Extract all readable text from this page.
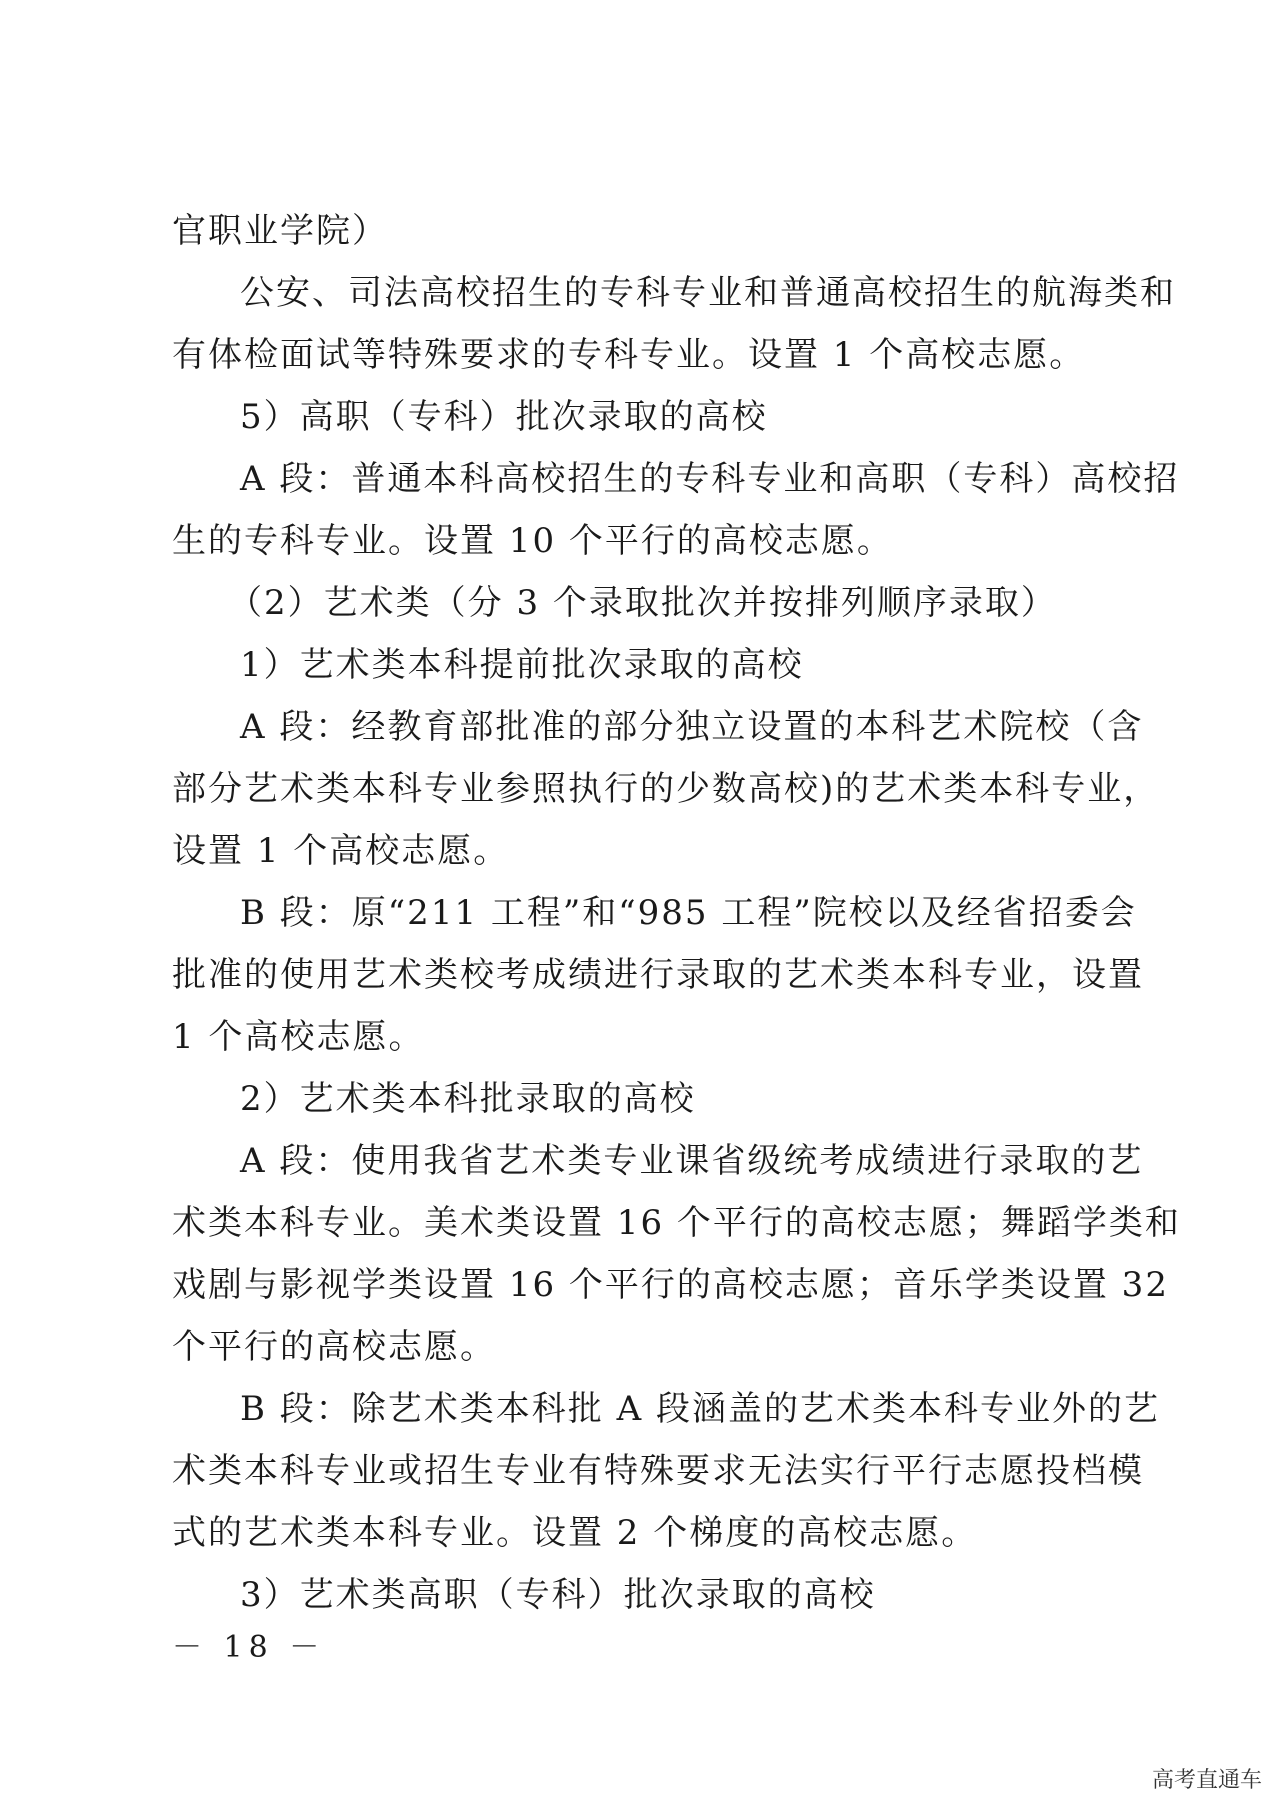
官职业学院）
公安、司法高校招生的专科专业和普通高校招生的航海类和
有体检面试等特殊要求的专科专业。设置 1 个高校志愿。
5）高职（专科）批次录取的高校
A 段：普通本科高校招生的专科专业和高职（专科）高校招
生的专科专业。设置 10 个平行的高校志愿。
（2）艺术类（分 3 个录取批次并按排列顺序录取）
1）艺术类本科提前批次录取的高校
A 段：经教育部批准的部分独立设置的本科艺术院校（含
部分艺术类本科专业参照执行的少数高校)的艺术类本科专业，
设置 1 个高校志愿。
B 段：原“211 工程”和“985 工程”院校以及经省招委会
批准的使用艺术类校考成绩进行录取的艺术类本科专业，设置
1 个高校志愿。
2）艺术类本科批录取的高校
A 段：使用我省艺术类专业课省级统考成绩进行录取的艺
术类本科专业。美术类设置 16 个平行的高校志愿；舞蹈学类和
戏剧与影视学类设置 16 个平行的高校志愿；音乐学类设置 32
个平行的高校志愿。
B 段：除艺术类本科批 A 段涵盖的艺术类本科专业外的艺
术类本科专业或招生专业有特殊要求无法实行平行志愿投档模
式的艺术类本科专业。设置 2 个梯度的高校志愿。
3）艺术类高职（专科）批次录取的高校
－ 18 －
高考直通车
